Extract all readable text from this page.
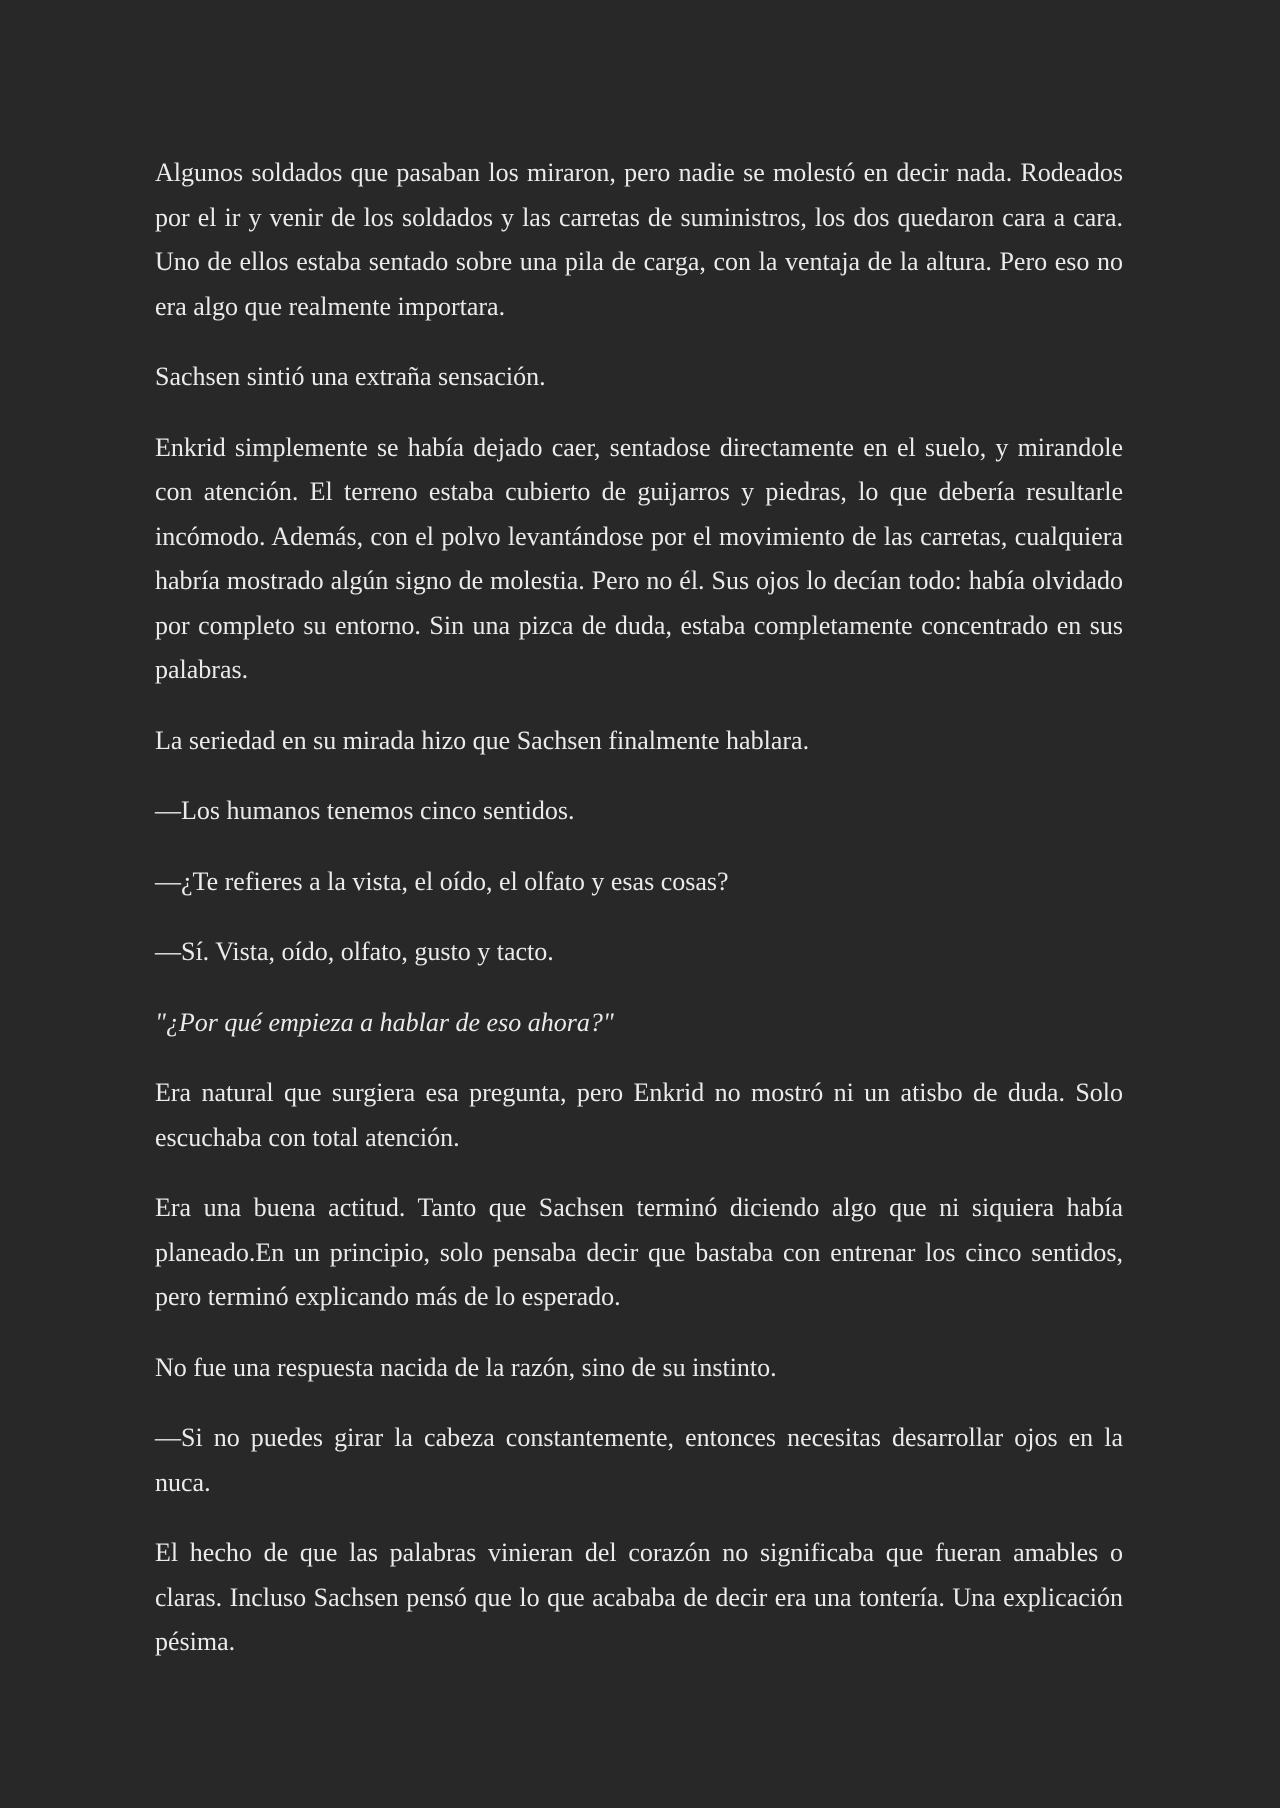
Algunos soldados que pasaban los miraron, pero nadie se molestó en decir nada. Rodeados por el ir y venir de los soldados y las carretas de suministros, los dos quedaron cara a cara. Uno de ellos estaba sentado sobre una pila de carga, con la ventaja de la altura. Pero eso no era algo que realmente importara.

Sachsen sintió una extraña sensación.

Enkrid simplemente se había dejado caer, sentadose directamente en el suelo, y mirandole con atención. El terreno estaba cubierto de guijarros y piedras, lo que debería resultarle incómodo. Además, con el polvo levantándose por el movimiento de las carretas, cualquiera habría mostrado algún signo de molestia. Pero no él. Sus ojos lo decían todo: había olvidado por completo su entorno. Sin una pizca de duda, estaba completamente concentrado en sus palabras.

La seriedad en su mirada hizo que Sachsen finalmente hablara.

—Los humanos tenemos cinco sentidos.

—¿Te refieres a la vista, el oído, el olfato y esas cosas?

—Sí. Vista, oído, olfato, gusto y tacto.

"¿Por qué empieza a hablar de eso ahora?"

Era natural que surgiera esa pregunta, pero Enkrid no mostró ni un atisbo de duda. Solo escuchaba con total atención.

Era una buena actitud. Tanto que Sachsen terminó diciendo algo que ni siquiera había planeado.En un principio, solo pensaba decir que bastaba con entrenar los cinco sentidos, pero terminó explicando más de lo esperado.

No fue una respuesta nacida de la razón, sino de su instinto.

—Si no puedes girar la cabeza constantemente, entonces necesitas desarrollar ojos en la nuca.

El hecho de que las palabras vinieran del corazón no significaba que fueran amables o claras. Incluso Sachsen pensó que lo que acababa de decir era una tontería. Una explicación pésima.
